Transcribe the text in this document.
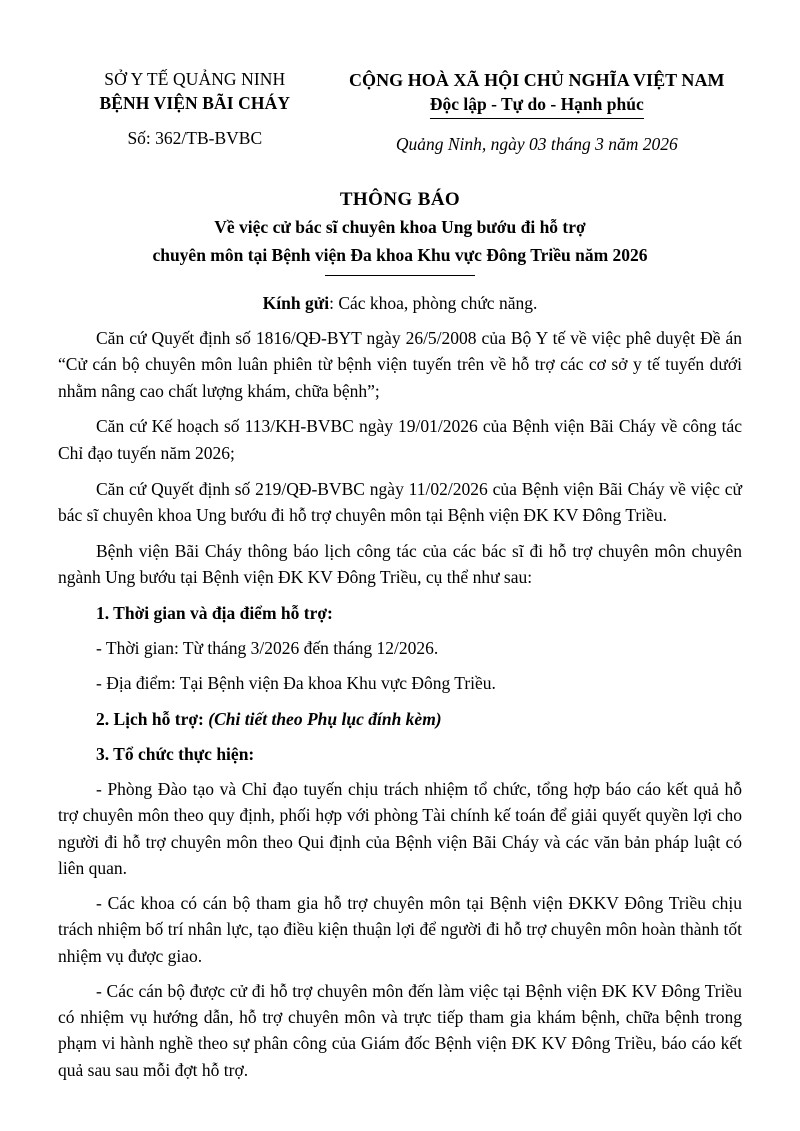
SỞ Y TẾ QUẢNG NINH
BỆNH VIỆN BÃI CHÁY
Số: 362/TB-BVBC
CỘNG HOÀ XÃ HỘI CHỦ NGHĨA VIỆT NAM
Độc lập - Tự do - Hạnh phúc
Quảng Ninh, ngày 03 tháng 3 năm 2026
THÔNG BÁO
Về việc cử bác sĩ chuyên khoa Ung bướu đi hỗ trợ
chuyên môn tại Bệnh viện Đa khoa Khu vực Đông Triều năm 2026
Kính gửi: Các khoa, phòng chức năng.

Căn cứ Quyết định số 1816/QĐ-BYT ngày 26/5/2008 của Bộ Y tế về việc phê duyệt Đề án “Cử cán bộ chuyên môn luân phiên từ bệnh viện tuyến trên về hỗ trợ các cơ sở y tế tuyến dưới nhằm nâng cao chất lượng khám, chữa bệnh”;

Căn cứ Kế hoạch số 113/KH-BVBC ngày 19/01/2026 của Bệnh viện Bãi Cháy về công tác Chỉ đạo tuyến năm 2026;

Căn cứ Quyết định số 219/QĐ-BVBC ngày 11/02/2026 của Bệnh viện Bãi Cháy về việc cử bác sĩ chuyên khoa Ung bướu đi hỗ trợ chuyên môn tại Bệnh viện ĐK KV Đông Triều.

Bệnh viện Bãi Cháy thông báo lịch công tác của các bác sĩ đi hỗ trợ chuyên môn chuyên ngành Ung bướu tại Bệnh viện ĐK KV Đông Triều, cụ thể như sau:

1. Thời gian và địa điểm hỗ trợ:

- Thời gian: Từ tháng 3/2026 đến tháng 12/2026.

- Địa điểm: Tại Bệnh viện Đa khoa Khu vực Đông Triều.

2. Lịch hỗ trợ: (Chi tiết theo Phụ lục đính kèm)

3. Tổ chức thực hiện:

- Phòng Đào tạo và Chỉ đạo tuyến chịu trách nhiệm tổ chức, tổng hợp báo cáo kết quả hỗ trợ chuyên môn theo quy định, phối hợp với phòng Tài chính kế toán để giải quyết quyền lợi cho người đi hỗ trợ chuyên môn theo Qui định của Bệnh viện Bãi Cháy và các văn bản pháp luật có liên quan.

- Các khoa có cán bộ tham gia hỗ trợ chuyên môn tại Bệnh viện ĐKKV Đông Triều chịu trách nhiệm bố trí nhân lực, tạo điều kiện thuận lợi để người đi hỗ trợ chuyên môn hoàn thành tốt nhiệm vụ được giao.

- Các cán bộ được cử đi hỗ trợ chuyên môn đến làm việc tại Bệnh viện ĐK KV Đông Triều có nhiệm vụ hướng dẫn, hỗ trợ chuyên môn và trực tiếp tham gia khám bệnh, chữa bệnh trong phạm vi hành nghề theo sự phân công của Giám đốc Bệnh viện ĐK KV Đông Triều, báo cáo kết quả sau sau mỗi đợt hỗ trợ.
